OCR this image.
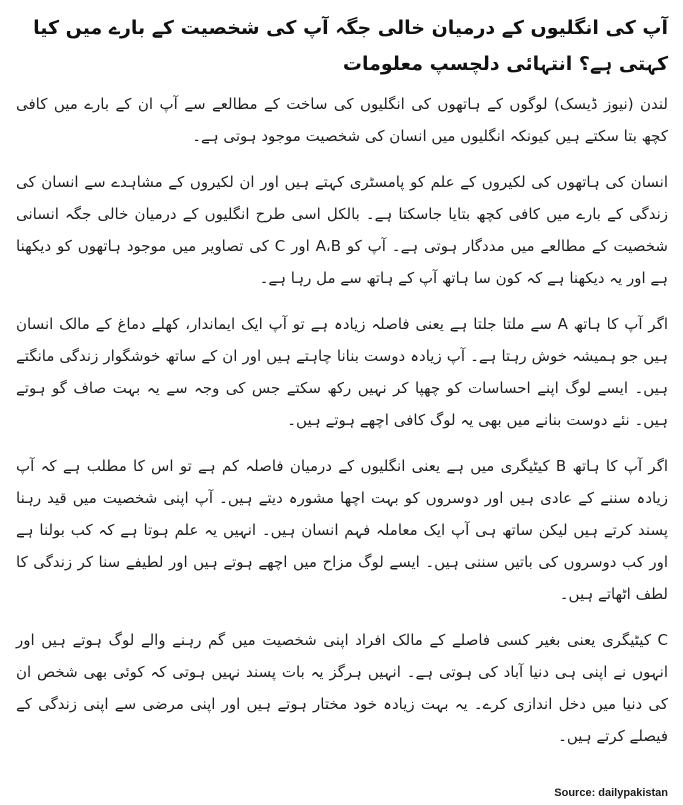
آپ کی انگلیوں کے درمیان خالی جگہ آپ کی شخصیت کے بارے میں کیا کہتی ہے؟ انتہائی دلچسپ معلومات

لندن (نیوز ڈیسک) لوگوں کے ہاتھوں کی انگلیوں کی ساخت کے مطالعے سے آپ ان کے بارے میں کافی کچھ بتا سکتے ہیں کیونکہ انگلیوں میں انسان کی شخصیت موجود ہوتی ہے۔

انسان کی ہاتھوں کی لکیروں کے علم کو پامسٹری کہتے ہیں اور ان لکیروں کے مشاہدے سے انسان کی زندگی کے بارے میں کافی کچھ بتایا جاسکتا ہے۔ بالکل اسی طرح انگلیوں کے درمیان خالی جگہ انسانی شخصیت کے مطالعے میں مددگار ہوتی ہے۔ آپ کو A،B اور C کی تصاویر میں موجود ہاتھوں کو دیکھنا ہے اور یہ دیکھنا ہے کہ کون سا ہاتھ آپ کے ہاتھ سے مل رہا ہے۔

اگر آپ کا ہاتھ A سے ملتا جلتا ہے یعنی فاصلہ زیادہ ہے تو آپ ایک ایماندار، کھلے دماغ کے مالک انسان ہیں جو ہمیشہ خوش رہتا ہے۔ آپ زیادہ دوست بنانا چاہتے ہیں اور ان کے ساتھ خوشگوار زندگی مانگتے ہیں۔ ایسے لوگ اپنے احساسات کو چھپا کر نہیں رکھ سکتے جس کی وجہ سے یہ بہت صاف گو ہوتے ہیں۔ نئے دوست بنانے میں بھی یہ لوگ کافی اچھے ہوتے ہیں۔

اگر آپ کا ہاتھ B کیٹیگری میں ہے یعنی انگلیوں کے درمیان فاصلہ کم ہے تو اس کا مطلب ہے کہ آپ زیادہ سننے کے عادی ہیں اور دوسروں کو بہت اچھا مشورہ دیتے ہیں۔ آپ اپنی شخصیت میں قید رہنا پسند کرتے ہیں لیکن ساتھ ہی آپ ایک معاملہ فہم انسان ہیں۔ انہیں یہ علم ہوتا ہے کہ کب بولنا ہے اور کب دوسروں کی باتیں سننی ہیں۔ ایسے لوگ مزاح میں اچھے ہوتے ہیں اور لطیفے سنا کر زندگی کا لطف اٹھاتے ہیں۔

C کیٹیگری یعنی بغیر کسی فاصلے کے مالک افراد اپنی شخصیت میں گم رہنے والے لوگ ہوتے ہیں اور انہوں نے اپنی ہی دنیا آباد کی ہوتی ہے۔ انہیں ہرگز یہ بات پسند نہیں ہوتی کہ کوئی بھی شخص ان کی دنیا میں دخل اندازی کرے۔ یہ بہت زیادہ خود مختار ہوتے ہیں اور اپنی مرضی سے اپنی زندگی کے فیصلے کرتے ہیں۔

Source: dailypakistan
